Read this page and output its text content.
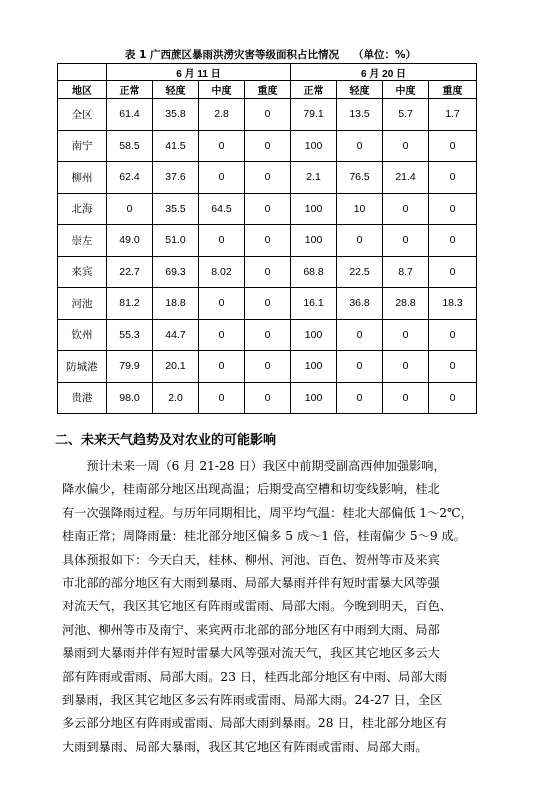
表 1 广西蔗区暴雨洪涝灾害等级面积占比情况 （单位：%）
	6 月 11 日				6 月 20 日			
地区	正常	轻度	中度	重度	正常	轻度	中度	重度
全区	61.4	35.8	2.8	0	79.1	13.5	5.7	1.7
南宁	58.5	41.5	0	0	100	0	0	0
柳州	62.4	37.6	0	0	2.1	76.5	21.4	0
北海	0	35.5	64.5	0	100	10	0	0
崇左	49.0	51.0	0	0	100	0	0	0
来宾	22.7	69.3	8.02	0	68.8	22.5	8.7	0
河池	81.2	18.8	0	0	16.1	36.8	28.8	18.3
钦州	55.3	44.7	0	0	100	0	0	0
防城港	79.9	20.1	0	0	100	0	0	0
贵港	98.0	2.0	0	0	100	0	0	0
二、未来天气趋势及对农业的可能影响
　　预计未来一周（6 月 21-28 日）我区中前期受副高西伸加强影响，
降水偏少，桂南部分地区出现高温；后期受高空槽和切变线影响，桂北
有一次强降雨过程。与历年同期相比，周平均气温：桂北大部偏低 1～2℃，
桂南正常；周降雨量：桂北部分地区偏多 5 成～1 倍，桂南偏少 5～9 成。
具体预报如下：今天白天，桂林、柳州、河池、百色、贺州等市及来宾
市北部的部分地区有大雨到暴雨、局部大暴雨并伴有短时雷暴大风等强
对流天气，我区其它地区有阵雨或雷雨、局部大雨。今晚到明天，百色、
河池、柳州等市及南宁、来宾两市北部的部分地区有中雨到大雨、局部
暴雨到大暴雨并伴有短时雷暴大风等强对流天气，我区其它地区多云大
部有阵雨或雷雨、局部大雨。23 日，桂西北部分地区有中雨、局部大雨
到暴雨，我区其它地区多云有阵雨或雷雨、局部大雨。24-27 日，全区
多云部分地区有阵雨或雷雨、局部大雨到暴雨。28 日，桂北部分地区有
大雨到暴雨、局部大暴雨，我区其它地区有阵雨或雷雨、局部大雨。
